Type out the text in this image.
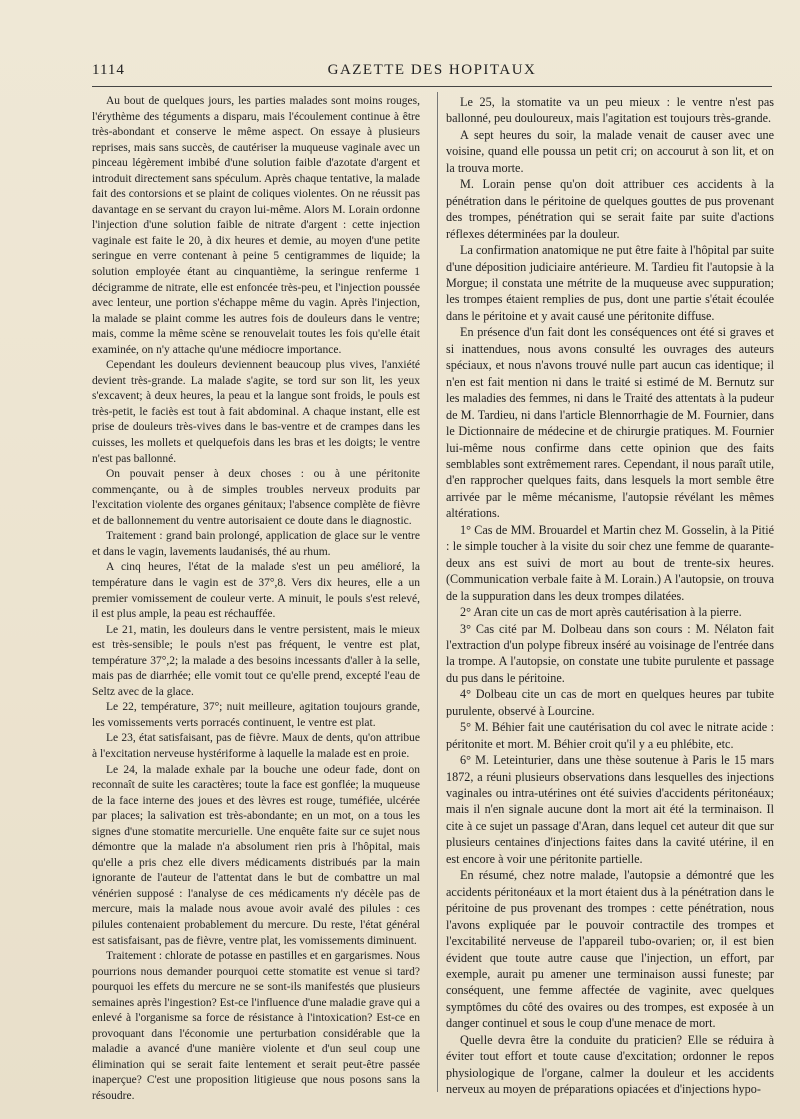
1114	GAZETTE DES HOPITAUX

Au bout de quelques jours, les parties malades sont moins rouges, l'érythème des téguments a disparu, mais l'écoulement continue à être très-abondant et conserve le même aspect. On essaye à plusieurs reprises, mais sans succès, de cautériser la muqueuse vaginale avec un pinceau légèrement imbibé d'une solution faible d'azotate d'argent et introduit directement sans spéculum. Après chaque tentative, la malade fait des contorsions et se plaint de coliques violentes. On ne réussit pas davantage en se servant du crayon lui-même. Alors M. Lorain ordonne l'injection d'une solution faible de nitrate d'argent : cette injection vaginale est faite le 20, à dix heures et demie, au moyen d'une petite seringue en verre contenant à peine 5 centigrammes de liquide; la solution employée étant au cinquantième, la seringue renferme 1 décigramme de nitrate, elle est enfoncée très-peu, et l'injection poussée avec lenteur, une portion s'échappe même du vagin. Après l'injection, la malade se plaint comme les autres fois de douleurs dans le ventre; mais, comme la même scène se renouvelait toutes les fois qu'elle était examinée, on n'y attache qu'une médiocre importance.

Cependant les douleurs deviennent beaucoup plus vives, l'anxiété devient très-grande. La malade s'agite, se tord sur son lit, les yeux s'excavent; à deux heures, la peau et la langue sont froids, le pouls est très-petit, le faciès est tout à fait abdominal. A chaque instant, elle est prise de douleurs très-vives dans le bas-ventre et de crampes dans les cuisses, les mollets et quelquefois dans les bras et les doigts; le ventre n'est pas ballonné.

On pouvait penser à deux choses : ou à une péritonite commençante, ou à de simples troubles nerveux produits par l'excitation violente des organes génitaux; l'absence complète de fièvre et de ballonnement du ventre autorisaient ce doute dans le diagnostic.

Traitement : grand bain prolongé, application de glace sur le ventre et dans le vagin, lavements laudanisés, thé au rhum.

A cinq heures, l'état de la malade s'est un peu amélioré, la température dans le vagin est de 37°,8. Vers dix heures, elle a un premier vomissement de couleur verte. A minuit, le pouls s'est relevé, il est plus ample, la peau est réchauffée.

Le 21, matin, les douleurs dans le ventre persistent, mais le mieux est très-sensible; le pouls n'est pas fréquent, le ventre est plat, température 37°,2; la malade a des besoins incessants d'aller à la selle, mais pas de diarrhée; elle vomit tout ce qu'elle prend, excepté l'eau de Seltz avec de la glace.

Le 22, température, 37°; nuit meilleure, agitation toujours grande, les vomissements verts porracés continuent, le ventre est plat.

Le 23, état satisfaisant, pas de fièvre. Maux de dents, qu'on attribue à l'excitation nerveuse hystériforme à laquelle la malade est en proie.

Le 24, la malade exhale par la bouche une odeur fade, dont on reconnaît de suite les caractères; toute la face est gonflée; la muqueuse de la face interne des joues et des lèvres est rouge, tuméfiée, ulcérée par places; la salivation est très-abondante; en un mot, on a tous les signes d'une stomatite mercurielle. Une enquête faite sur ce sujet nous démontre que la malade n'a absolument rien pris à l'hôpital, mais qu'elle a pris chez elle divers médicaments distribués par la main ignorante de l'auteur de l'attentat dans le but de combattre un mal vénérien supposé : l'analyse de ces médicaments n'y décèle pas de mercure, mais la malade nous avoue avoir avalé des pilules : ces pilules contenaient probablement du mercure. Du reste, l'état général est satisfaisant, pas de fièvre, ventre plat, les vomissements diminuent.

Traitement : chlorate de potasse en pastilles et en gargarismes. Nous pourrions nous demander pourquoi cette stomatite est venue si tard? pourquoi les effets du mercure ne se sont-ils manifestés que plusieurs semaines après l'ingestion? Est-ce l'influence d'une maladie grave qui a enlevé à l'organisme sa force de résistance à l'intoxication? Est-ce en provoquant dans l'économie une perturbation considérable que la maladie a avancé d'une manière violente et d'un seul coup une élimination qui se serait faite lentement et serait peut-être passée inaperçue? C'est une proposition litigieuse que nous posons sans la résoudre.

Le 25, la stomatite va un peu mieux : le ventre n'est pas ballonné, peu douloureux, mais l'agitation est toujours très-grande.

A sept heures du soir, la malade venait de causer avec une voisine, quand elle poussa un petit cri; on accourut à son lit, et on la trouva morte.

M. Lorain pense qu'on doit attribuer ces accidents à la pénétration dans le péritoine de quelques gouttes de pus provenant des trompes, pénétration qui se serait faite par suite d'actions réflexes déterminées par la douleur.

La confirmation anatomique ne put être faite à l'hôpital par suite d'une déposition judiciaire antérieure. M. Tardieu fit l'autopsie à la Morgue; il constata une métrite de la muqueuse avec suppuration; les trompes étaient remplies de pus, dont une partie s'était écoulée dans le péritoine et y avait causé une péritonite diffuse.

En présence d'un fait dont les conséquences ont été si graves et si inattendues, nous avons consulté les ouvrages des auteurs spéciaux, et nous n'avons trouvé nulle part aucun cas identique; il n'en est fait mention ni dans le traité si estimé de M. Bernutz sur les maladies des femmes, ni dans le Traité des attentats à la pudeur de M. Tardieu, ni dans l'article Blennorrhagie de M. Fournier, dans le Dictionnaire de médecine et de chirurgie pratiques. M. Fournier lui-même nous confirme dans cette opinion que des faits semblables sont extrêmement rares. Cependant, il nous paraît utile, d'en rapprocher quelques faits, dans lesquels la mort semble être arrivée par le même mécanisme, l'autopsie révélant les mêmes altérations.

1° Cas de MM. Brouardel et Martin chez M. Gosselin, à la Pitié : le simple toucher à la visite du soir chez une femme de quarante-deux ans est suivi de mort au bout de trente-six heures. (Communication verbale faite à M. Lorain.) A l'autopsie, on trouva de la suppuration dans les deux trompes dilatées.

2° Aran cite un cas de mort après cautérisation à la pierre.

3° Cas cité par M. Dolbeau dans son cours : M. Nélaton fait l'extraction d'un polype fibreux inséré au voisinage de l'entrée dans la trompe. A l'autopsie, on constate une tubite purulente et passage du pus dans le péritoine.

4° Dolbeau cite un cas de mort en quelques heures par tubite purulente, observé à Lourcine.

5° M. Béhier fait une cautérisation du col avec le nitrate acide : péritonite et mort. M. Béhier croit qu'il y a eu phlébite, etc.

6° M. Leteinturier, dans une thèse soutenue à Paris le 15 mars 1872, a réuni plusieurs observations dans lesquelles des injections vaginales ou intra-utérines ont été suivies d'accidents péritonéaux; mais il n'en signale aucune dont la mort ait été la terminaison. Il cite à ce sujet un passage d'Aran, dans lequel cet auteur dit que sur plusieurs centaines d'injections faites dans la cavité utérine, il en est encore à voir une péritonite partielle.

En résumé, chez notre malade, l'autopsie a démontré que les accidents péritonéaux et la mort étaient dus à la pénétration dans le péritoine de pus provenant des trompes : cette pénétration, nous l'avons expliquée par le pouvoir contractile des trompes et l'excitabilité nerveuse de l'appareil tubo-ovarien; or, il est bien évident que toute autre cause que l'injection, un effort, par exemple, aurait pu amener une terminaison aussi funeste; par conséquent, une femme affectée de vaginite, avec quelques symptômes du côté des ovaires ou des trompes, est exposée à un danger continuel et sous le coup d'une menace de mort.

Quelle devra être la conduite du praticien? Elle se réduira à éviter tout effort et toute cause d'excitation; ordonner le repos physiologique de l'organe, calmer la douleur et les accidents nerveux au moyen de préparations opiacées et d'injections hypo-
